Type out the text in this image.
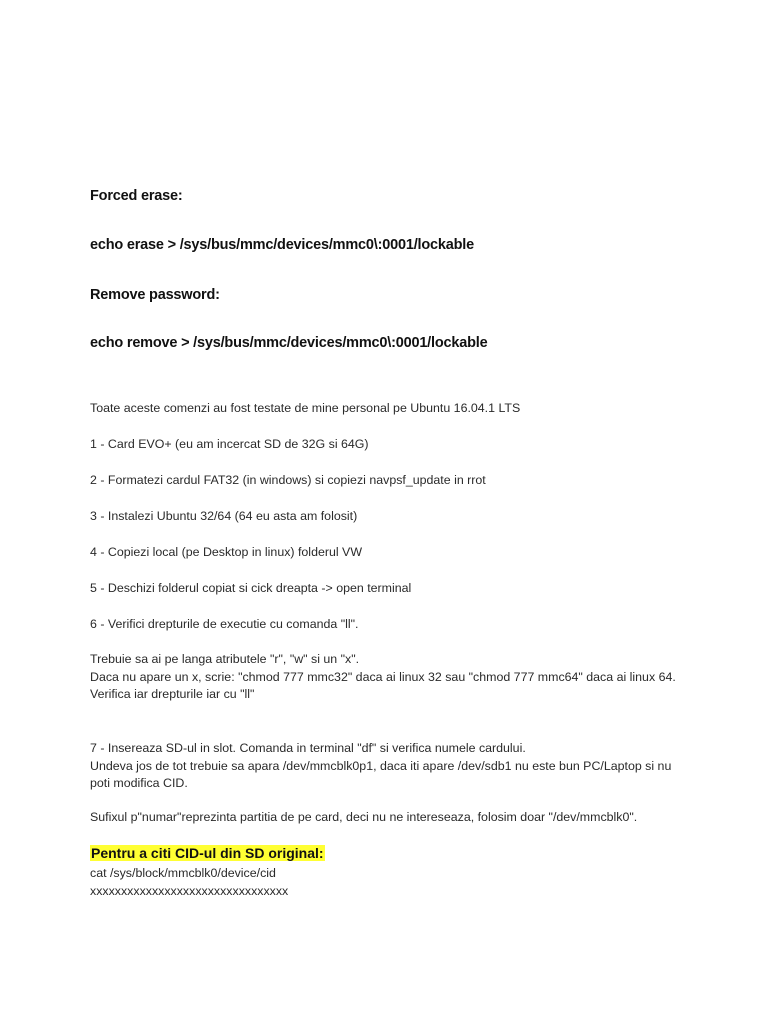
Forced erase:
echo erase > /sys/bus/mmc/devices/mmc0\:0001/lockable
Remove password:
echo remove > /sys/bus/mmc/devices/mmc0\:0001/lockable
Toate aceste comenzi au fost testate de mine personal pe Ubuntu 16.04.1 LTS
1 - Card EVO+ (eu am incercat SD de 32G si 64G)
2 - Formatezi cardul FAT32 (in windows) si copiezi navpsf_update in rrot
3 - Instalezi Ubuntu 32/64 (64 eu asta am folosit)
4 - Copiezi local (pe Desktop in linux) folderul VW
5 - Deschizi folderul copiat si cick dreapta -> open terminal
6 - Verifici drepturile de executie cu comanda "ll".
Trebuie sa ai pe langa atributele "r", "w" si un "x".
Daca nu apare un x, scrie: "chmod 777 mmc32" daca ai linux 32 sau "chmod 777 mmc64" daca ai linux 64.
Verifica iar drepturile iar cu "ll"
7 - Insereaza SD-ul in slot. Comanda in terminal "df" si verifica numele cardului.
Undeva jos de tot trebuie sa apara /dev/mmcblk0p1, daca iti apare /dev/sdb1 nu este bun PC/Laptop si nu poti modifica CID.
Sufixul p"numar"reprezinta partitia de pe card, deci nu ne intereseaza, folosim doar "/dev/mmcblk0".
Pentru a citi CID-ul din SD original:
cat /sys/block/mmcblk0/device/cid
xxxxxxxxxxxxxxxxxxxxxxxxxxxxxxxx
